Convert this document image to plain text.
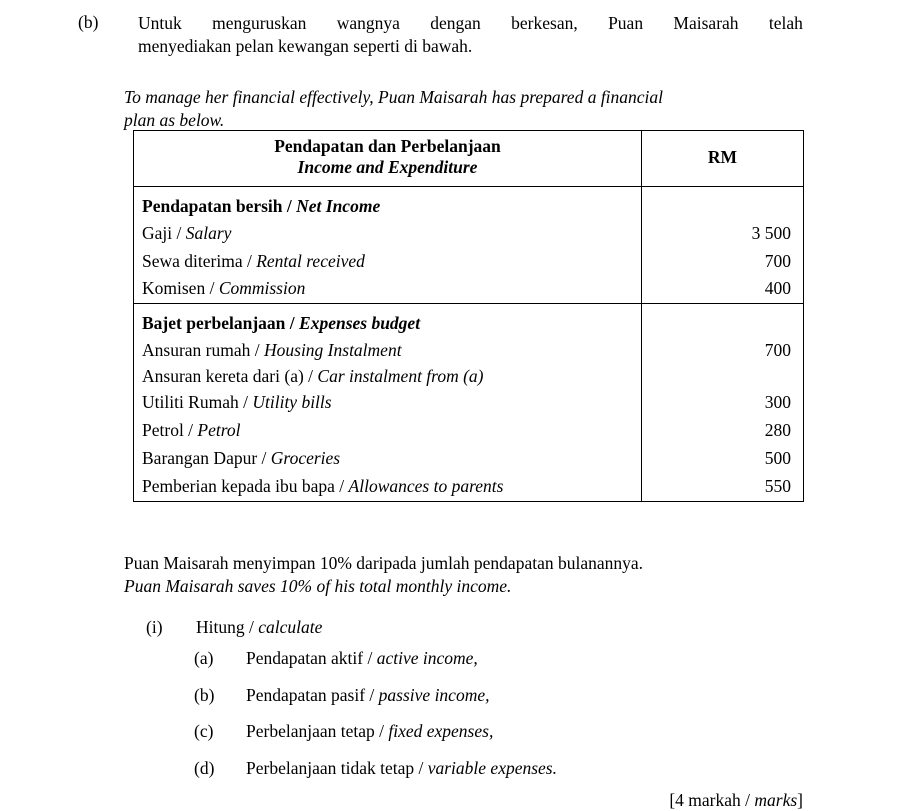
(b)	Untuk menguruskan wangnya dengan berkesan, Puan Maisarah telah
menyediakan pelan kewangan seperti di bawah.
To manage her financial effectively, Puan Maisarah has prepared a financial
plan as below.
Pendapatan dan Perbelanjaan
Income and Expenditure	RM
Pendapatan bersih / Net Income	
Gaji / Salary	3 500
Sewa diterima / Rental received	700
Komisen / Commission	400
Bajet perbelanjaan / Expenses budget	
Ansuran rumah / Housing Instalment	700
Ansuran kereta dari (a) / Car instalment from (a)	
Utiliti Rumah / Utility bills	300
Petrol / Petrol	280
Barangan Dapur / Groceries	500
Pemberian kepada ibu bapa / Allowances to parents	550
Puan Maisarah menyimpan 10% daripada jumlah pendapatan bulanannya.
Puan Maisarah saves 10% of his total monthly income.
(i) Hitung / calculate
(a) Pendapatan aktif / active income,
(b) Pendapatan pasif / passive income,
(c) Perbelanjaan tetap / fixed expenses,
(d) Perbelanjaan tidak tetap / variable expenses.
[4 markah / marks]
